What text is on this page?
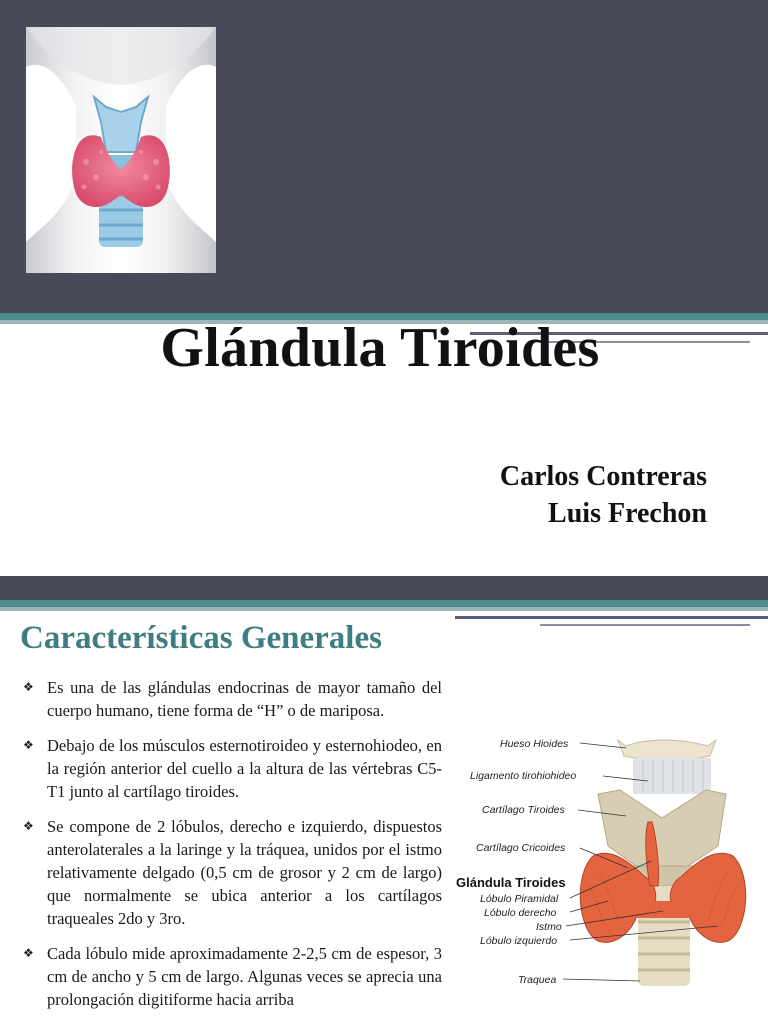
Glándula Tiroides
Carlos Contreras
Luis Frechon
Características Generales
❖ Es una de las glándulas endocrinas de mayor tamaño del cuerpo humano, tiene forma de “H” o de mariposa.
❖ Debajo de los músculos esternotiroideo y esternohiodeo, en la región anterior del cuello a la altura de las vértebras C5-T1 junto al cartílago tiroides.
❖ Se compone de 2 lóbulos, derecho e izquierdo, dispuestos anterolaterales a la laringe y la tráquea, unidos por el istmo relativamente delgado (0,5 cm de grosor y 2 cm de largo) que normalmente se ubica anterior a los cartílagos traqueales 2do y 3ro.
❖ Cada lóbulo mide aproximadamente 2-2,5 cm de espesor, 3 cm de ancho y 5 cm de largo. Algunas veces se aprecia una prolongación digitiforme hacia arriba
Hueso Hioides
Ligamento tirohiohideo
Cartílago Tiroides
Cartílago Cricoides
Glándula Tiroides
Lóbulo Piramidal
Lóbulo derecho
Istmo
Lóbulo izquierdo
Traquea
